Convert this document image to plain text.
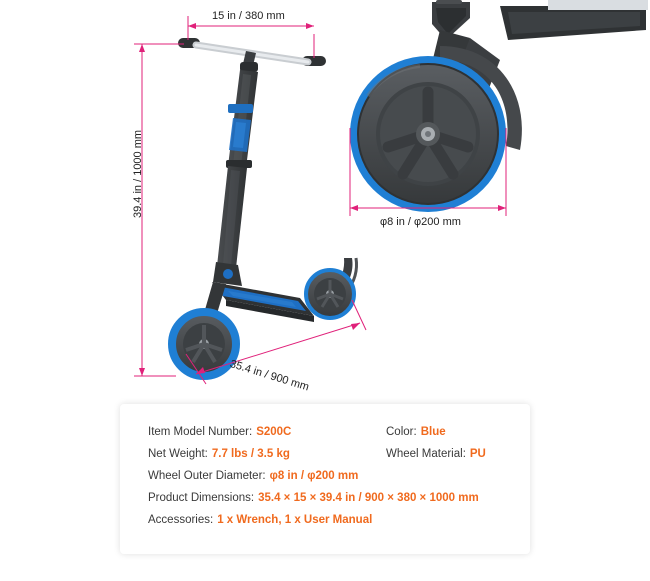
15 in / 380 mm
39.4 in / 1000 mm
35.4 in / 900 mm
φ8 in / φ200 mm
Item Model Number: S200C	Color: Blue
Net Weight: 7.7 lbs / 3.5 kg	Wheel Material: PU
Wheel Outer Diameter: φ8 in / φ200 mm
Product Dimensions: 35.4 × 15 × 39.4 in / 900 × 380 × 1000 mm
Accessories: 1 x Wrench, 1 x User Manual
